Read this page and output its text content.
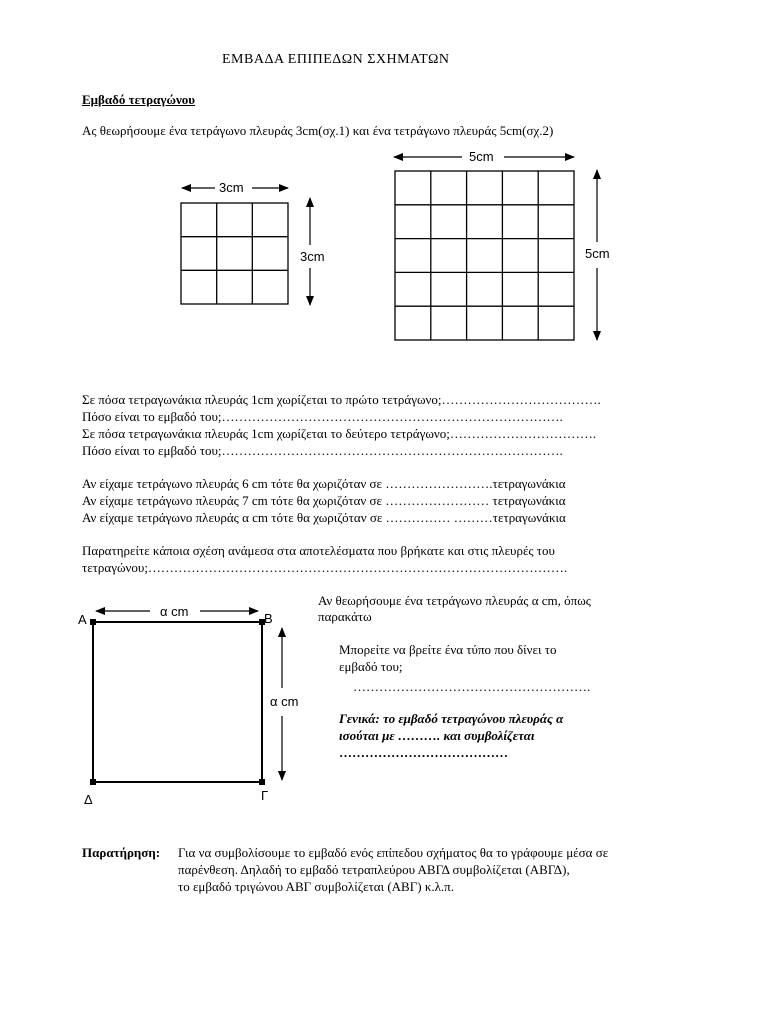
ΕΜΒΑΔΑ ΕΠΙΠΕΔΩΝ ΣΧΗΜΑΤΩΝ
Εμβαδό τετραγώνου
Ας θεωρήσουμε ένα τετράγωνο πλευράς 3cm(σχ.1) και ένα τετράγωνο πλευράς 5cm(σχ.2)
3cm
3cm
5cm
5cm
Σε πόσα τετραγωνάκια πλευράς 1cm χωρίζεται το πρώτο τετράγωνο;……………………………….
Πόσο είναι το εμβαδό του;…………………………………………………………………….
Σε πόσα τετραγωνάκια πλευράς 1cm χωρίζεται το δεύτερο τετράγωνο;…………………………….
Πόσο είναι το εμβαδό του;…………………………………………………………………….
Αν είχαμε τετράγωνο πλευράς 6 cm τότε θα χωριζόταν σε …………………….τετραγωνάκια
Αν είχαμε τετράγωνο πλευράς 7 cm τότε θα χωριζόταν σε …………………… τετραγωνάκια
Αν είχαμε τετράγωνο πλευράς α cm τότε θα χωριζόταν σε …………… ………τετραγωνάκια
Παρατηρείτε κάποια σχέση ανάμεσα στα αποτελέσματα που βρήκατε και στις πλευρές του
τετραγώνου;…………………………………………………………………………………….
α cm
α cm
Α	Β
Γ
Δ
Αν θεωρήσουμε ένα τετράγωνο πλευράς α cm, όπως
παρακάτω
Μπορείτε να βρείτε ένα τύπο που δίνει το
εμβαδό του;
……………………………………………….
Γενικά: το εμβαδό τετραγώνου πλευράς α
ισούται με ………. και συμβολίζεται
…………………………………
Παρατήρηση: Για να συμβολίσουμε το εμβαδό ενός επίπεδου σχήματος θα το γράφουμε μέσα σε
παρένθεση. Δηλαδή το εμβαδό τετραπλεύρου ΑΒΓΔ συμβολίζεται (ΑΒΓΔ),
το εμβαδό τριγώνου ΑΒΓ συμβολίζεται (ΑΒΓ) κ.λ.π.
